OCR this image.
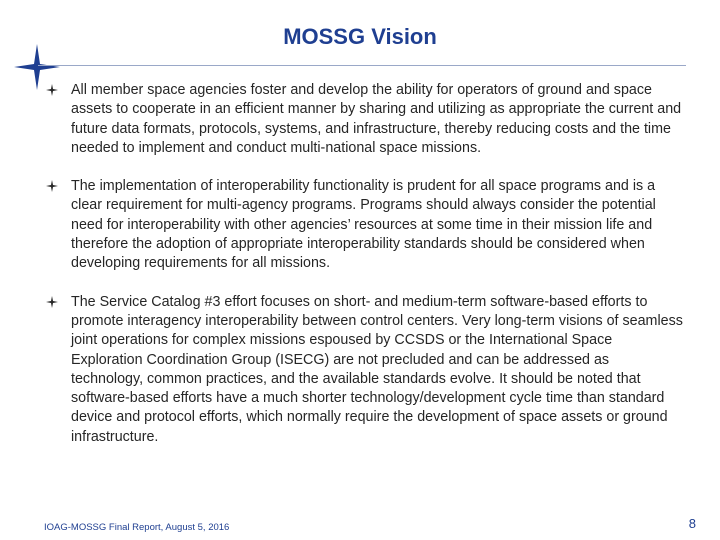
MOSSG Vision
All member space agencies foster and develop the ability for operators of ground and space assets to cooperate in an efficient manner by sharing and utilizing as appropriate the current and future data formats, protocols, systems, and infrastructure, thereby reducing costs and the time needed to implement and conduct multi-national space missions.
The implementation of interoperability functionality is prudent for all space programs and is a clear requirement for multi-agency programs. Programs should always consider the potential need for interoperability with other agencies’ resources at some time in their mission life and therefore the adoption of appropriate interoperability standards should be considered when developing requirements for all missions.
The Service Catalog #3 effort focuses on short- and medium-term software-based efforts to promote interagency interoperability between control centers. Very long-term visions of seamless joint operations for complex missions espoused by CCSDS or the International Space Exploration Coordination Group (ISECG) are not precluded and can be addressed as technology, common practices, and the available standards evolve. It should be noted that software-based efforts have a much shorter technology/development cycle time than standard device and protocol efforts, which normally require the development of space assets or ground infrastructure.
IOAG-MOSSG Final Report, August 5, 2016	8
